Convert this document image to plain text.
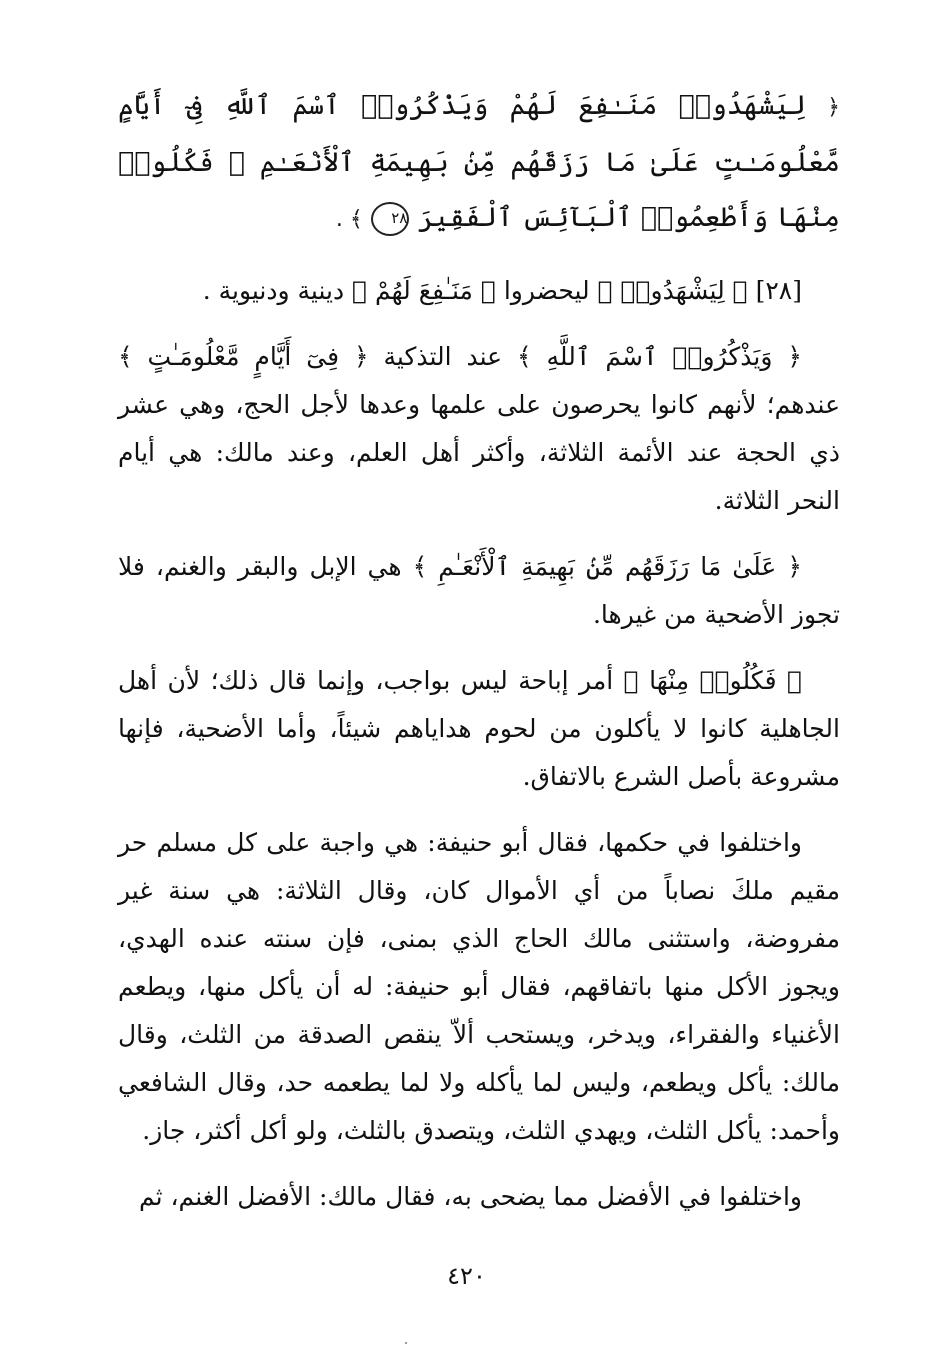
﴿ لِيَشْهَدُوا۟ مَنَـٰفِعَ لَهُمْ وَيَذْكُرُوا۟ ٱسْمَ ٱللَّهِ فِىٓ أَيَّامٍ مَّعْلُومَـٰتٍ عَلَىٰ مَا رَزَقَهُم مِّنۢ بَهِيمَةِ ٱلْأَنْعَـٰمِ ۖ فَكُلُوا۟ مِنْهَا وَأَطْعِمُوا۟ ٱلْبَآئِسَ ٱلْفَقِيرَ ٢٨ ﴾ .

[٢٨] ﴿ لِيَشْهَدُوا۟ ﴾ ليحضروا ﴿ مَنَـٰفِعَ لَهُمْ ﴾ دينية ودنيوية .

﴿ وَيَذْكُرُوا۟ ٱسْمَ ٱللَّهِ ﴾ عند التذكية ﴿ فِىٓ أَيَّامٍ مَّعْلُومَـٰتٍ ﴾ عندهم؛ لأنهم كانوا يحرصون على علمها وعدها لأجل الحج، وهي عشر ذي الحجة عند الأئمة الثلاثة، وأكثر أهل العلم، وعند مالك: هي أيام النحر الثلاثة.

﴿ عَلَىٰ مَا رَزَقَهُم مِّنۢ بَهِيمَةِ ٱلْأَنْعَـٰمِ ﴾ هي الإبل والبقر والغنم، فلا تجوز الأضحية من غيرها.

﴿ فَكُلُوا۟ مِنْهَا ﴾ أمر إباحة ليس بواجب، وإنما قال ذلك؛ لأن أهل الجاهلية كانوا لا يأكلون من لحوم هداياهم شيئاً، وأما الأضحية، فإنها مشروعة بأصل الشرع بالاتفاق.

واختلفوا في حكمها، فقال أبو حنيفة: هي واجبة على كل مسلم حر مقيم ملكَ نصاباً من أي الأموال كان، وقال الثلاثة: هي سنة غير مفروضة، واستثنى مالك الحاج الذي بمنى، فإن سنته عنده الهدي، ويجوز الأكل منها باتفاقهم، فقال أبو حنيفة: له أن يأكل منها، ويطعم الأغنياء والفقراء، ويدخر، ويستحب ألاّ ينقص الصدقة من الثلث، وقال مالك: يأكل ويطعم، وليس لما يأكله ولا لما يطعمه حد، وقال الشافعي وأحمد: يأكل الثلث، ويهدي الثلث، ويتصدق بالثلث، ولو أكل أكثر، جاز.

واختلفوا في الأفضل مما يضحى به، فقال مالك: الأفضل الغنم، ثم

٤٢٠
